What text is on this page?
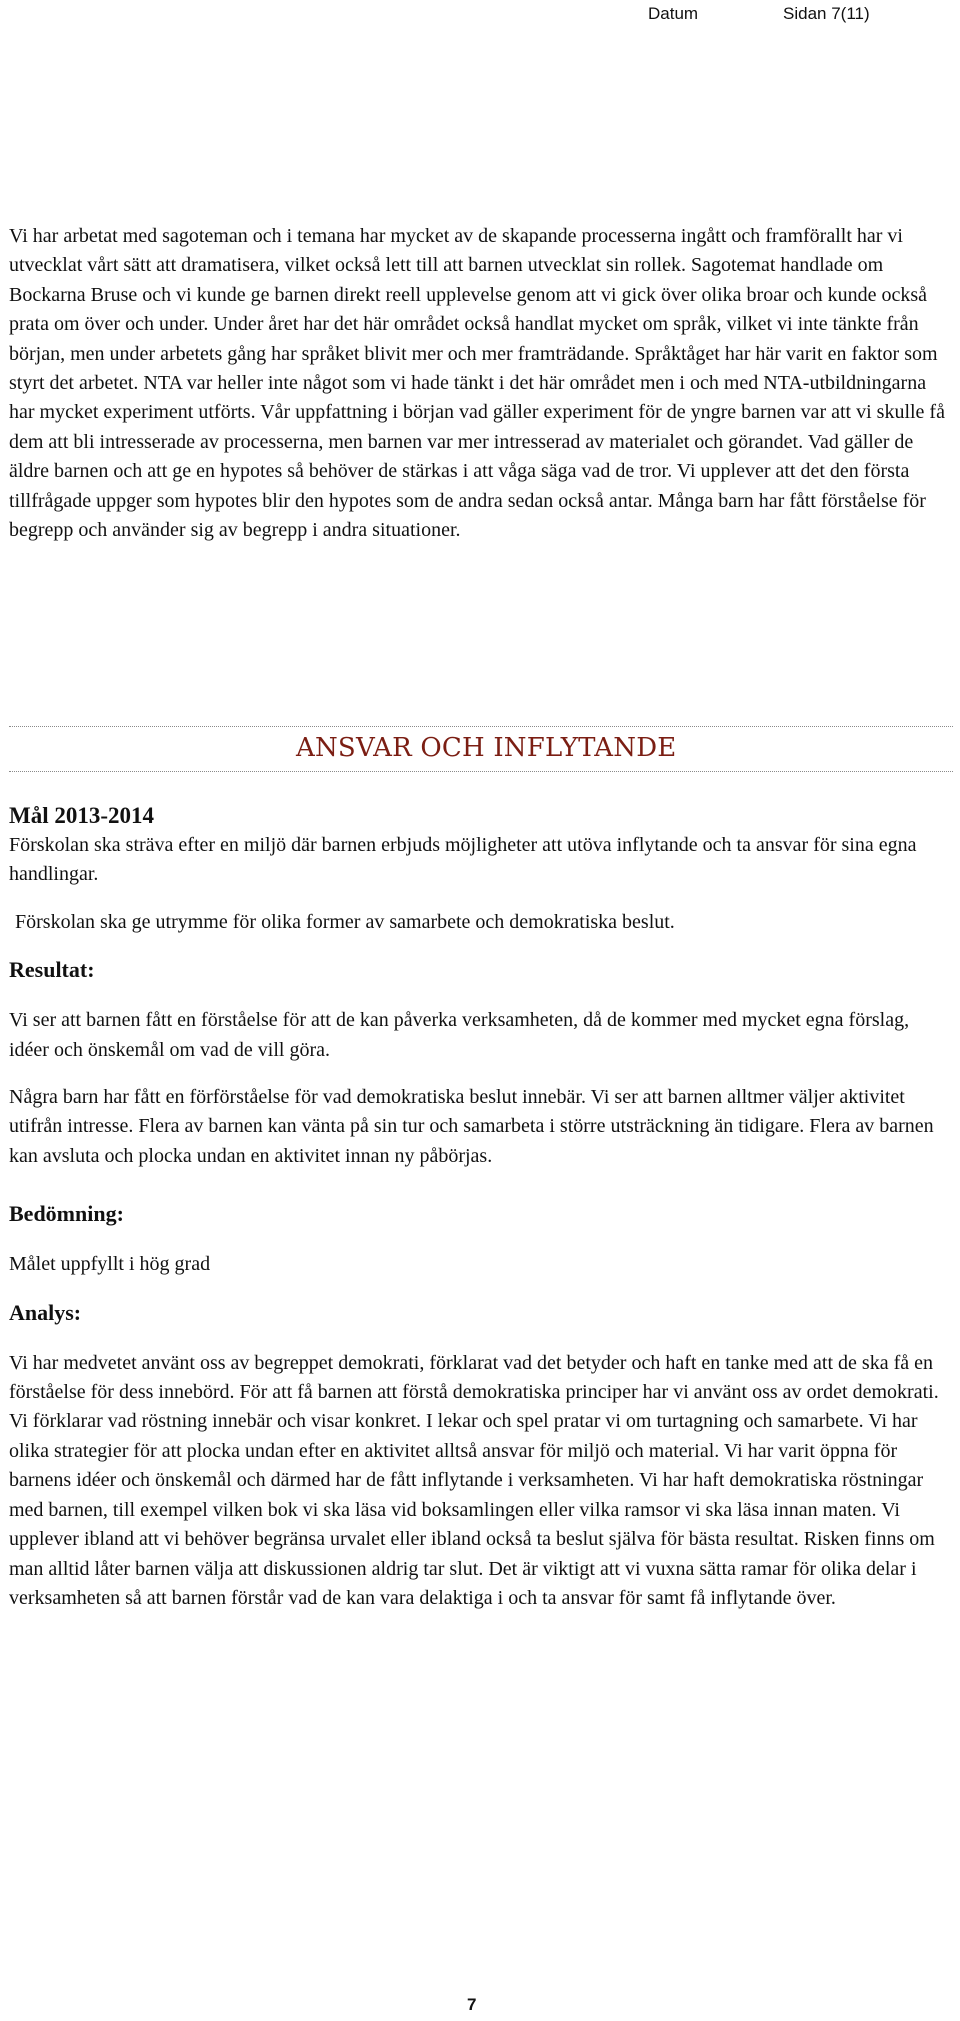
Datum	Sidan 7(11)

Vi har arbetat med sagoteman och i temana har mycket av de skapande processerna ingått och framförallt har vi utvecklat vårt sätt att dramatisera, vilket också lett till att barnen utvecklat sin rollek. Sagotemat handlade om Bockarna Bruse och vi kunde ge barnen direkt reell upplevelse genom att vi gick över olika broar och kunde också prata om över och under. Under året har det här området också handlat mycket om språk, vilket vi inte tänkte från början, men under arbetets gång har språket blivit mer och mer framträdande. Språktåget har här varit en faktor som styrt det arbetet. NTA var heller inte något som vi hade tänkt i det här området men i och med NTA-utbildningarna har mycket experiment utförts. Vår uppfattning i början vad gäller experiment för de yngre barnen var att vi skulle få dem att bli intresserade av processerna, men barnen var mer intresserad av materialet och görandet. Vad gäller de äldre barnen och att ge en hypotes så behöver de stärkas i att våga säga vad de tror. Vi upplever att det den första tillfrågade uppger som hypotes blir den hypotes som de andra sedan också antar. Många barn har fått förståelse för begrepp och använder sig av begrepp i andra situationer.

ANSVAR OCH INFLYTANDE
Mål 2013-2014

Förskolan ska sträva efter en miljö där barnen erbjuds möjligheter att utöva inflytande och ta ansvar för sina egna handlingar.

Förskolan ska ge utrymme för olika former av samarbete och demokratiska beslut.

Resultat:

Vi ser att barnen fått en förståelse för att de kan påverka verksamheten, då de kommer med mycket egna förslag, idéer och önskemål om vad de vill göra.

Några barn har fått en förförståelse för vad demokratiska beslut innebär. Vi ser att barnen alltmer väljer aktivitet utifrån intresse. Flera av barnen kan vänta på sin tur och samarbeta i större utsträckning än tidigare. Flera av barnen kan avsluta och plocka undan en aktivitet innan ny påbörjas.

Bedömning:

Målet uppfyllt i hög grad

Analys:

Vi har medvetet använt oss av begreppet demokrati, förklarat vad det betyder och haft en tanke med att de ska få en förståelse för dess innebörd. För att få barnen att förstå demokratiska principer har vi använt oss av ordet demokrati. Vi förklarar vad röstning innebär och visar konkret. I lekar och spel pratar vi om turtagning och samarbete. Vi har olika strategier för att plocka undan efter en aktivitet alltså ansvar för miljö och material. Vi har varit öppna för barnens idéer och önskemål och därmed har de fått inflytande i verksamheten. Vi har haft demokratiska röstningar med barnen, till exempel vilken bok vi ska läsa vid boksamlingen eller vilka ramsor vi ska läsa innan maten. Vi upplever ibland att vi behöver begränsa urvalet eller ibland också ta beslut själva för bästa resultat. Risken finns om man alltid låter barnen välja att diskussionen aldrig tar slut. Det är viktigt att vi vuxna sätta ramar för olika delar i verksamheten så att barnen förstår vad de kan vara delaktiga i och ta ansvar för samt få inflytande över.

7
